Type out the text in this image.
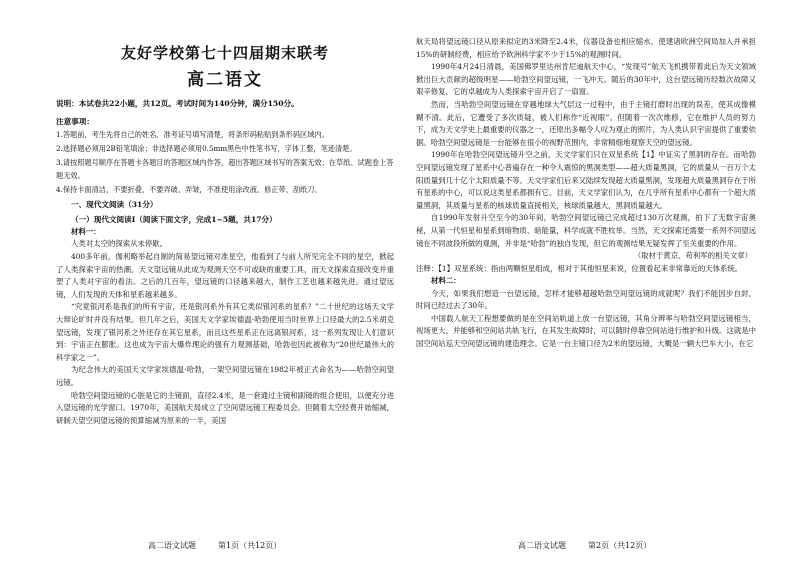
友好学校第七十四届期末联考

高二语文

说明：本试卷共22小题，共12页。考试时间为140分钟，满分150分。

注意事项：

1.答题前，考生先将自己的姓名、准考证号填写清楚，将条形码粘贴到条形码区域内。

2.选择题必须用2B铅笔填涂；非选择题必须用0.5mm黑色中性笔书写，字体工整，笔迹清楚。

3.请按照题号顺序在答题卡各题目的答题区域内作答，超出答题区域书写的答案无效；在草纸、试题卷上答题无效。

4.保持卡面清洁，不要折叠，不要弄破、弄皱，不准使用涂改液、修正带、刮纸刀。

一、现代文阅读（31分）

（一）现代文阅读Ⅰ（阅读下面文字，完成1~5题，共17分）

材料一：

人类对太空的探索从未停歇。

400多年前，伽利略举起自制的简易望远镜对准星空，他看到了与前人所见完全不同的星空，掀起了人类探索宇宙的热潮。天文望远镜从此成为观测天空不可或缺的重要工具，而天文探索直接改变并重塑了人类对宇宙的看法。之后的几百年，望远镜的口径越来越大，制作工艺也越来越先进。通过望远镜，人们发现的天体和星系越来越多。

“究竟银河系是我们的所有宇宙，还是银河系外有其它类似银河系的星系？”二十世纪的这场天文学大辩论旷时并没有结果。但几年之后，美国天文学家埃德温·哈勃使用当时世界上口径最大的2.5米胡克望远镜，发现了银河系之外还存在其它星系，而且这些星系正在远离银河系，这一系列发现让人们意识到：宇宙正在膨胀。这也成为宇宙大爆炸理论的强有力观测基础，哈勃也因此被称为“20世纪最伟大的科学家之一”。

为纪念伟大的美国天文学家埃德温·哈勃，一架空间望远镜在1982年被正式命名为——哈勃空间望远镜。

哈勃空间望远镜的心脏是它的主镜面，直径2.4米，是一套通过主镜和副镜的组合使用，以便充分进入望远镜的光学窗口。1970年，美国航天局成立了空间望远镜工程委员会。但随着太空经费开始缩减，研制天望空间望远镜的预算缩减为原来的一半，美国

高二语文试题	第1页（共12页）

航天局将望远镜口径从原来拟定的3米降至2.4米，仪器设备也相应缩水，使建诸欧洲空间局加入并承担15%的研制经费，相应给予欧洲科学家不少于15%的观测时间。

1990年4月24日清晨，美国佛罗里达州肯尼迪航天中心，“发现号”航天飞机携带着此后为天文领域掀出巨大贡献的超级明星——哈勃空间望远镜，一飞冲天。随后的30年中，这台望远镜历经数次故障又艰辛修复，它的卓越成为人类探索宇宙开启了一扇窗。

然而，当哈勃空间望远镜在穿越地球大气层这一过程中，由于主镜打磨时出现的误差，使其成像模糊不清。此后，它遭受了多次质疑，被人们称作“近视眼”。但随着一次次维修，它在维护人员的努力下，成为天文学史上最重要的仪器之一，还原出多幅令人叹为观止的照片，为人类认识宇宙提供了重要依据。哈勃空间望远镜是一台能够在很小的视野范围内，非常精细地观察天空的望远镜。

1990年在哈勃空间望远镜升空之前，天文学家们只在双星系统【1】中证实了黑洞的存在。而哈勃空间望远镜发现了星系中心普遍存在一种令人震惊的黑洞类型——超大质量黑洞，它的质量从一百万个太阳质量到几十亿个太阳质量不等。天文学家们后来又陆续发现超大质量黑洞，发现超大质量黑洞存在于所有星系的中心，可以说这类星系都拥有它。目前，天文学家们认为，在几乎所有星系中心都有一个超大质量黑洞，其质量与星系的核球质量直接相关，核球质量越大，黑洞质量越大。

自1990年发射升空至今的30年间，哈勃空间望远镜已完成超过130万次观测，拍下了无数宇宙奥秘，从第一代恒星和星系到暗物质、暗能量，科学成就不胜枚举。当然，天文探索还需要一系列不同望远镜在不同波段所做的观测，并非是“哈勃”的独自发现，但它的观测结果无疑发挥了至关重要的作用。

（取材于黄京、苟利军的相关文章）

注释：【1】双星系统：指由两颗恒星组成，相对于其他恒星来说，位置看起来非常靠近的天体系统。

材料二：

今天，如果我们想造一台望远镜，怎样才能够超越哈勃空间望远镜的成就呢？我们不能因步自封，时间已经过去了30年。

中国载人航天工程想要做的是在空间站轨道上放一台望远镜，其角分辨率与哈勃空间望远镜相当，视场更大，并能够和空间站共轨飞行，在其发生故障时，可以随时停靠空间站进行维护和升级。这就是中国空间站巡天空间望远镜的建造理念。它是一台主镜口径为2米的望远镜，大概是一辆大巴车大小，在它

高二语文试题	第2页（共12页）
